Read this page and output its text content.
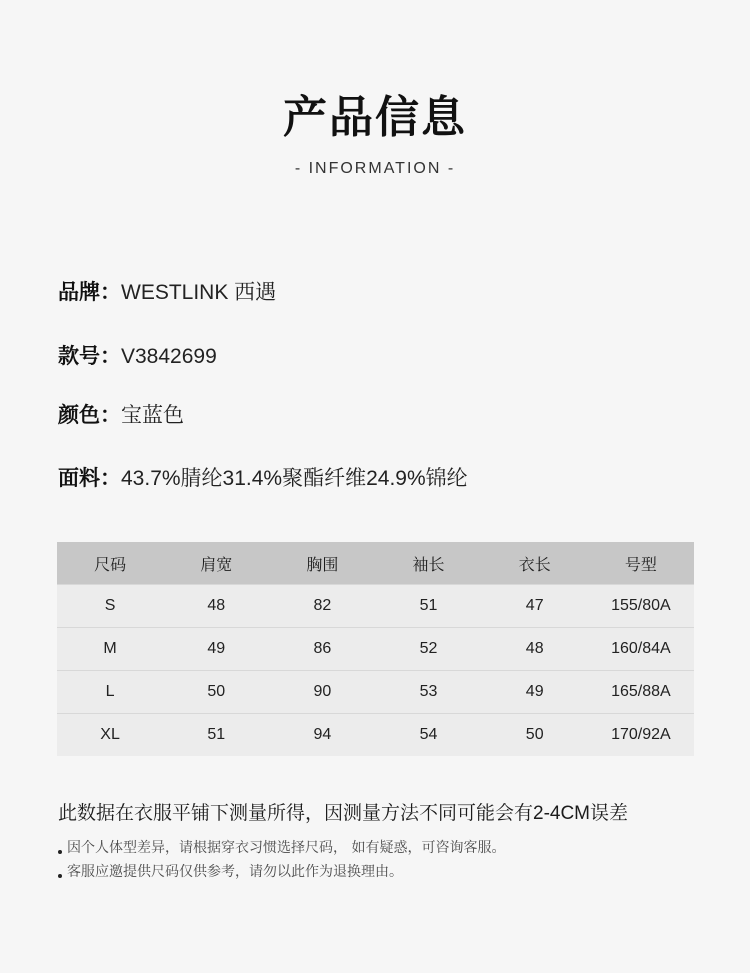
产品信息
- INFORMATION -
品牌：WESTLINK 西遇
款号：V3842699
颜色：宝蓝色
面料：43.7%腈纶31.4%聚酯纤维24.9%锦纶
尺码	肩宽	胸围	袖长	衣长	号型
S	48	82	51	47	155/80A
M	49	86	52	48	160/84A
L	50	90	53	49	165/88A
XL	51	94	54	50	170/92A
此数据在衣服平铺下测量所得，因测量方法不同可能会有2-4CM误差
因个人体型差异，请根据穿衣习惯选择尺码， 如有疑惑，可咨询客服。
客服应邀提供尺码仅供参考，请勿以此作为退换理由。
